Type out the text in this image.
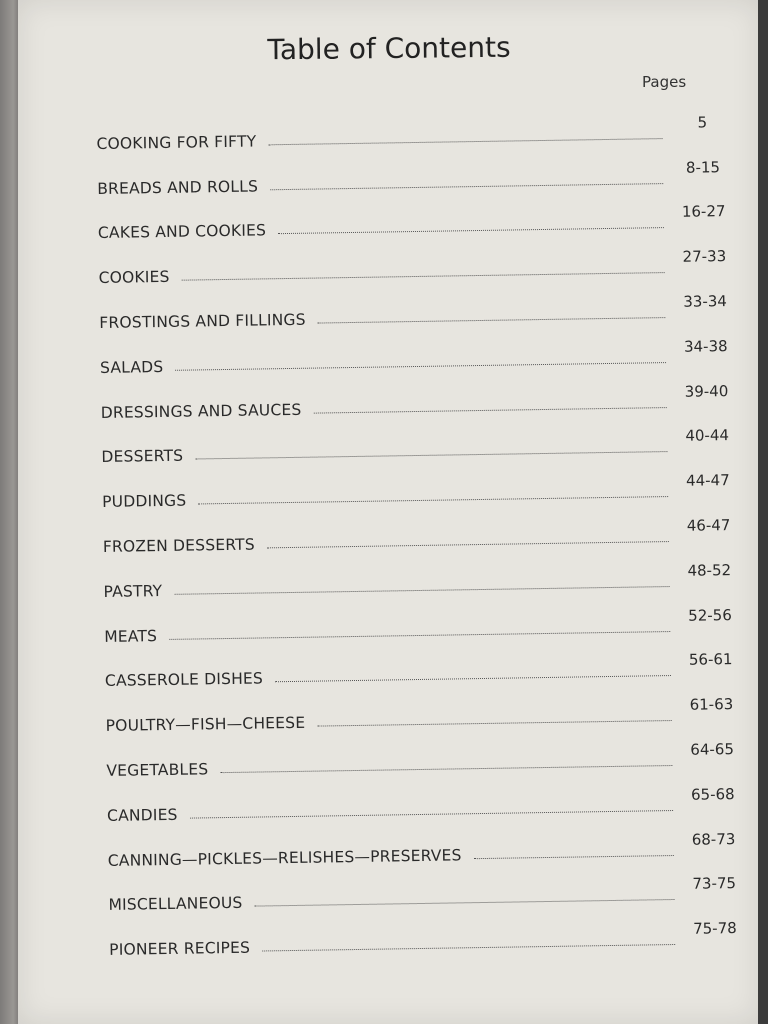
Table of Contents
Pages
COOKING FOR FIFTY
5
BREADS AND ROLLS
8-15
CAKES AND COOKIES
16-27
COOKIES
27-33
FROSTINGS AND FILLINGS
33-34
SALADS
34-38
DRESSINGS AND SAUCES
39-40
DESSERTS
40-44
PUDDINGS
44-47
FROZEN DESSERTS
46-47
PASTRY
48-52
MEATS
52-56
CASSEROLE DISHES
56-61
POULTRY—FISH—CHEESE
61-63
VEGETABLES
64-65
CANDIES
65-68
CANNING—PICKLES—RELISHES—PRESERVES
68-73
MISCELLANEOUS
73-75
PIONEER RECIPES
75-78
